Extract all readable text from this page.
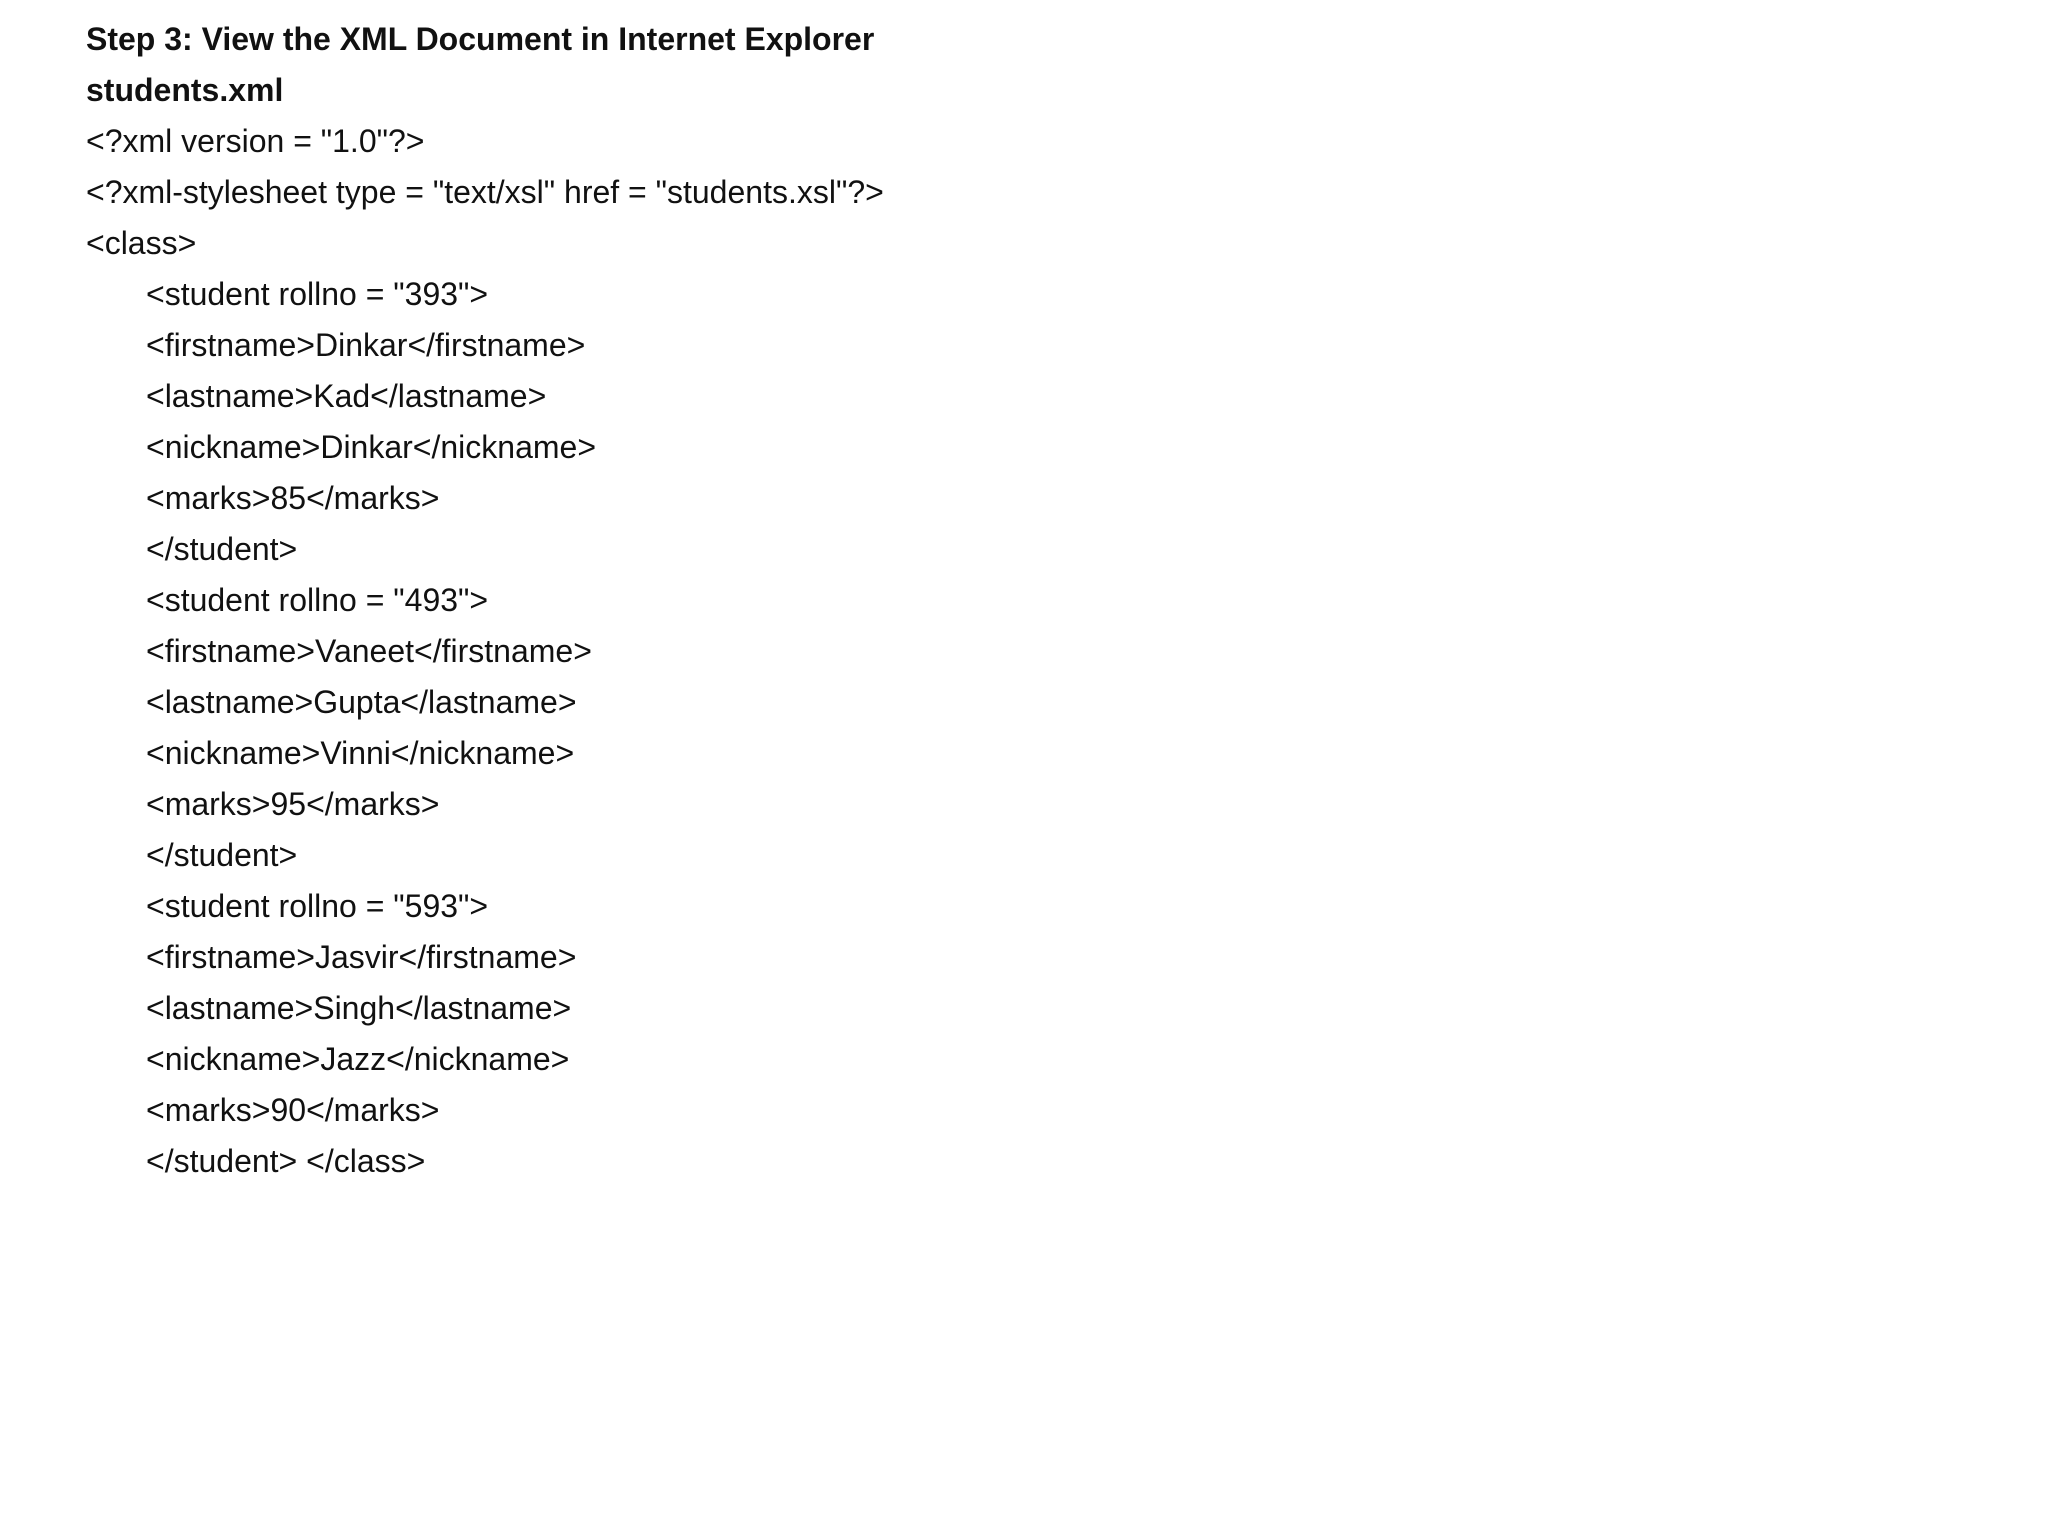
Step 3: View the XML Document in Internet Explorer
students.xml
<?xml version = "1.0"?>
<?xml-stylesheet type = "text/xsl" href = "students.xsl"?>
<class>
<student rollno = "393">
<firstname>Dinkar</firstname>
<lastname>Kad</lastname>
<nickname>Dinkar</nickname>
<marks>85</marks>
</student>
<student rollno = "493">
<firstname>Vaneet</firstname>
<lastname>Gupta</lastname>
<nickname>Vinni</nickname>
<marks>95</marks>
</student>
<student rollno = "593">
<firstname>Jasvir</firstname>
<lastname>Singh</lastname>
<nickname>Jazz</nickname>
<marks>90</marks>
</student> </class>
